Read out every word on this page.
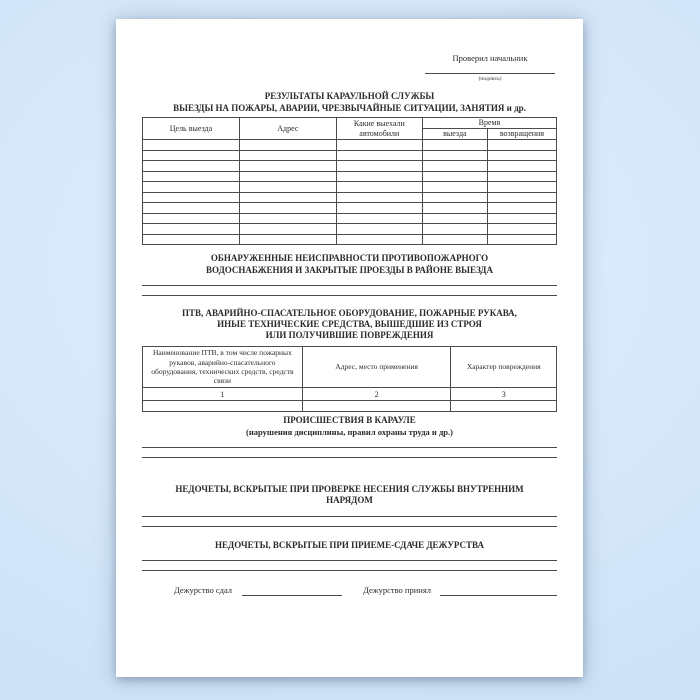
Проверил начальник
(подпись)
РЕЗУЛЬТАТЫ КАРАУЛЬНОЙ СЛУЖБЫ
ВЫЕЗДЫ НА ПОЖАРЫ, АВАРИИ, ЧРЕЗВЫЧАЙНЫЕ СИТУАЦИИ, ЗАНЯТИЯ и др.
Цель выезда	Адрес	Какие выехали автомобили	Время	
			выезда	возвращения

ОБНАРУЖЕННЫЕ НЕИСПРАВНОСТИ ПРОТИВОПОЖАРНОГО
ВОДОСНАБЖЕНИЯ И ЗАКРЫТЫЕ ПРОЕЗДЫ В РАЙОНЕ ВЫЕЗДА
ПТВ, АВАРИЙНО-СПАСАТЕЛЬНОЕ ОБОРУДОВАНИЕ, ПОЖАРНЫЕ РУКАВА,
ИНЫЕ ТЕХНИЧЕСКИЕ СРЕДСТВА, ВЫШЕДШИЕ ИЗ СТРОЯ
ИЛИ ПОЛУЧИВШИЕ ПОВРЕЖДЕНИЯ
Наименование ПТВ, в том числе пожарных рукавов, аварийно-спасательного оборудования, технических средств, средств связи	Адрес, место применения	Характер повреждения
1	2	3

ПРОИСШЕСТВИЯ В КАРАУЛЕ
(нарушения дисциплины, правил охраны труда и др.)
НЕДОЧЕТЫ, ВСКРЫТЫЕ ПРИ ПРОВЕРКЕ НЕСЕНИЯ СЛУЖБЫ ВНУТРЕННИМ
НАРЯДОМ
НЕДОЧЕТЫ, ВСКРЫТЫЕ ПРИ ПРИЕМЕ-СДАЧЕ ДЕЖУРСТВА
Дежурство сдал	Дежурство принял
